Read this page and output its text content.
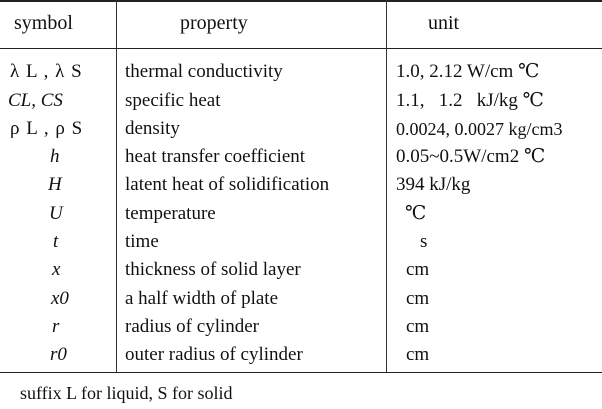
symbol	property	unit
λ L , λ S
CL, CS
ρ L , ρ S
h
H
U
t
x
x0
r
r0
thermal conductivity
specific heat
density
heat transfer coefficient
latent heat of solidification
temperature
time
thickness of solid layer
a half width of plate
radius of cylinder
outer radius of cylinder
1.0, 2.12 W/cm ℃
1.1,   1.2   kJ/kg ℃
0.0024, 0.0027 kg/cm3
0.05~0.5W/cm2 ℃
394 kJ/kg
℃
s
cm
cm
cm
cm
suffix L for liquid, S for solid
